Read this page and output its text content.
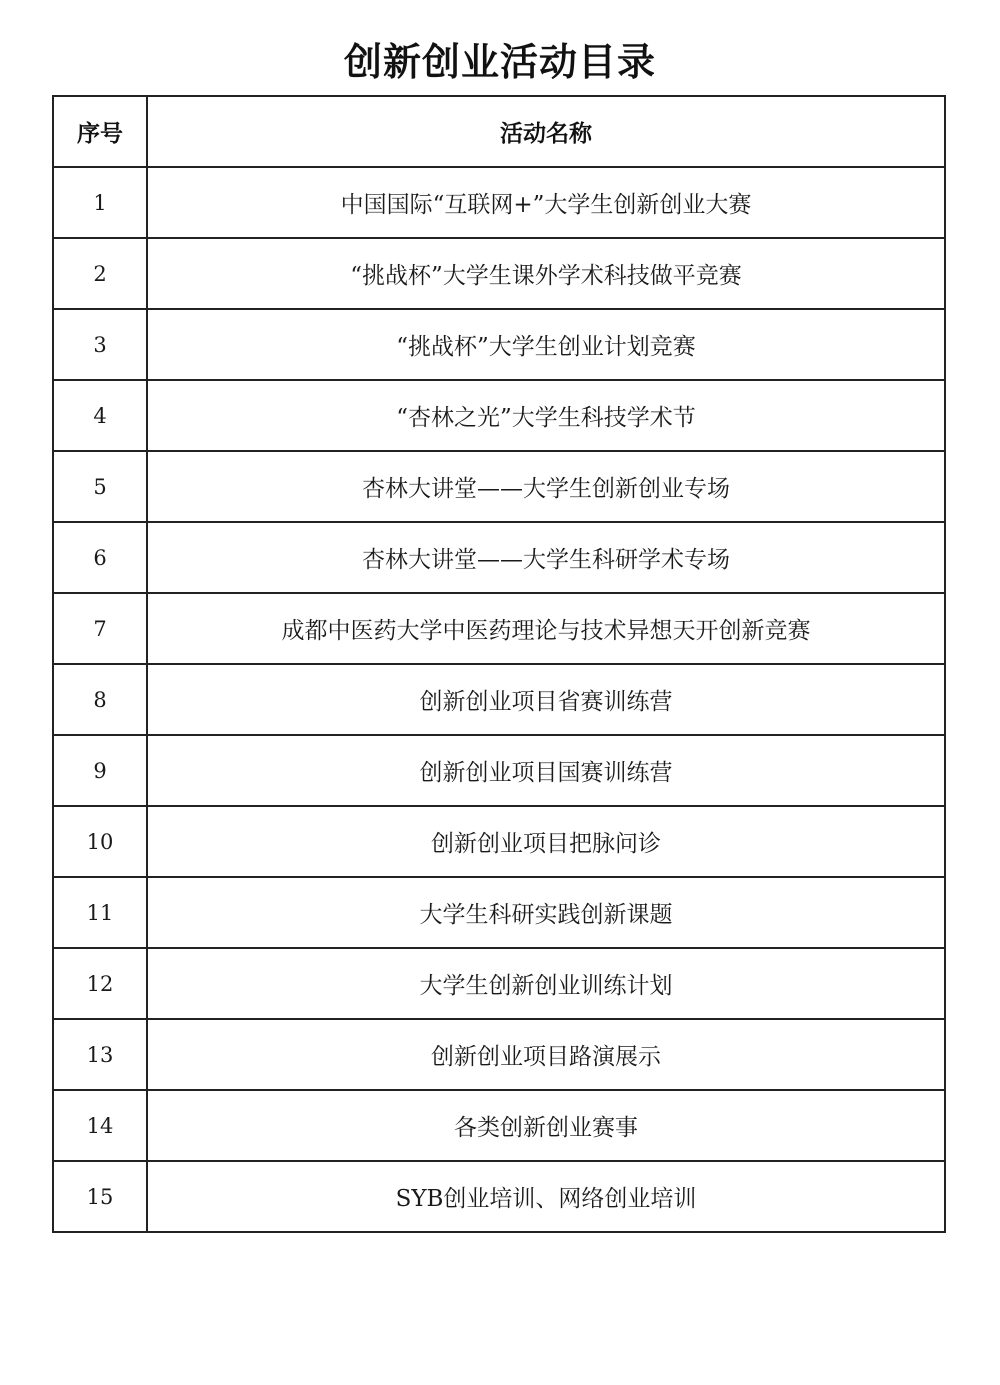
创新创业活动目录
序号	活动名称
1	中国国际“互联网+”大学生创新创业大赛
2	“挑战杯”大学生课外学术科技做平竞赛
3	“挑战杯”大学生创业计划竞赛
4	“杏林之光”大学生科技学术节
5	杏林大讲堂——大学生创新创业专场
6	杏林大讲堂——大学生科研学术专场
7	成都中医药大学中医药理论与技术异想天开创新竞赛
8	创新创业项目省赛训练营
9	创新创业项目国赛训练营
10	创新创业项目把脉问诊
11	大学生科研实践创新课题
12	大学生创新创业训练计划
13	创新创业项目路演展示
14	各类创新创业赛事
15	SYB创业培训、网络创业培训
